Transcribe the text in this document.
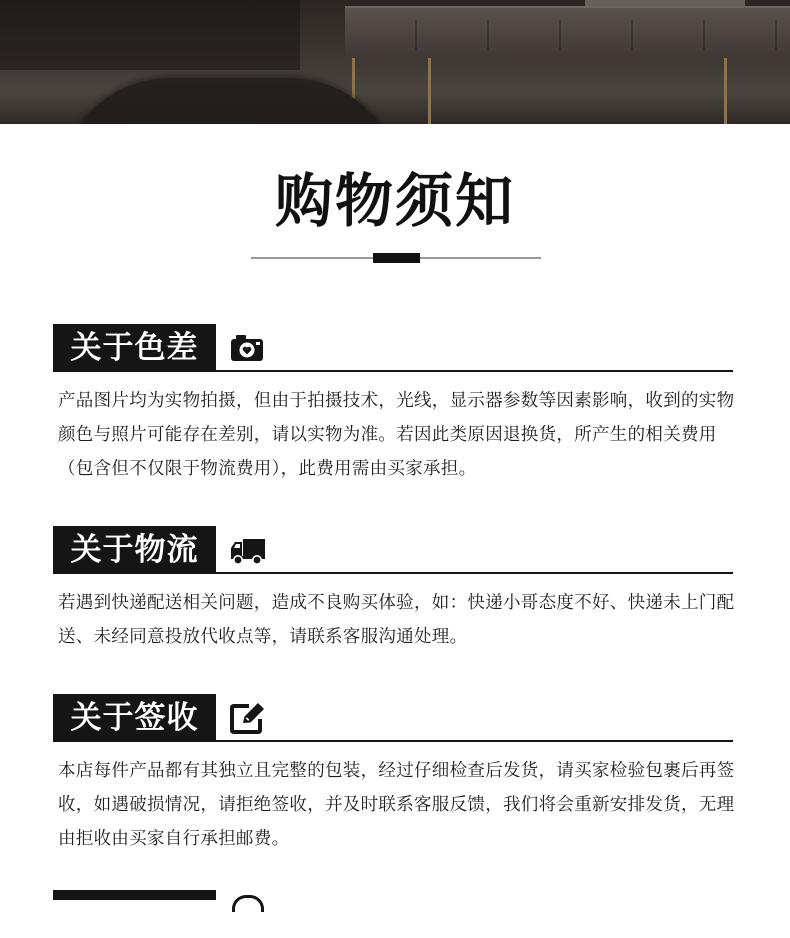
购物须知
关于色差
产品图片均为实物拍摄，但由于拍摄技术，光线，显示器参数等因素影响，收到的实物颜色与照片可能存在差别，请以实物为准。若因此类原因退换货，所产生的相关费用（包含但不仅限于物流费用），此费用需由买家承担。
关于物流
若遇到快递配送相关问题，造成不良购买体验，如：快递小哥态度不好、快递未上门配送、未经同意投放代收点等，请联系客服沟通处理。
关于签收
本店每件产品都有其独立且完整的包装，经过仔细检查后发货，请买家检验包裹后再签收，如遇破损情况，请拒绝签收，并及时联系客服反馈，我们将会重新安排发货，无理由拒收由买家自行承担邮费。
